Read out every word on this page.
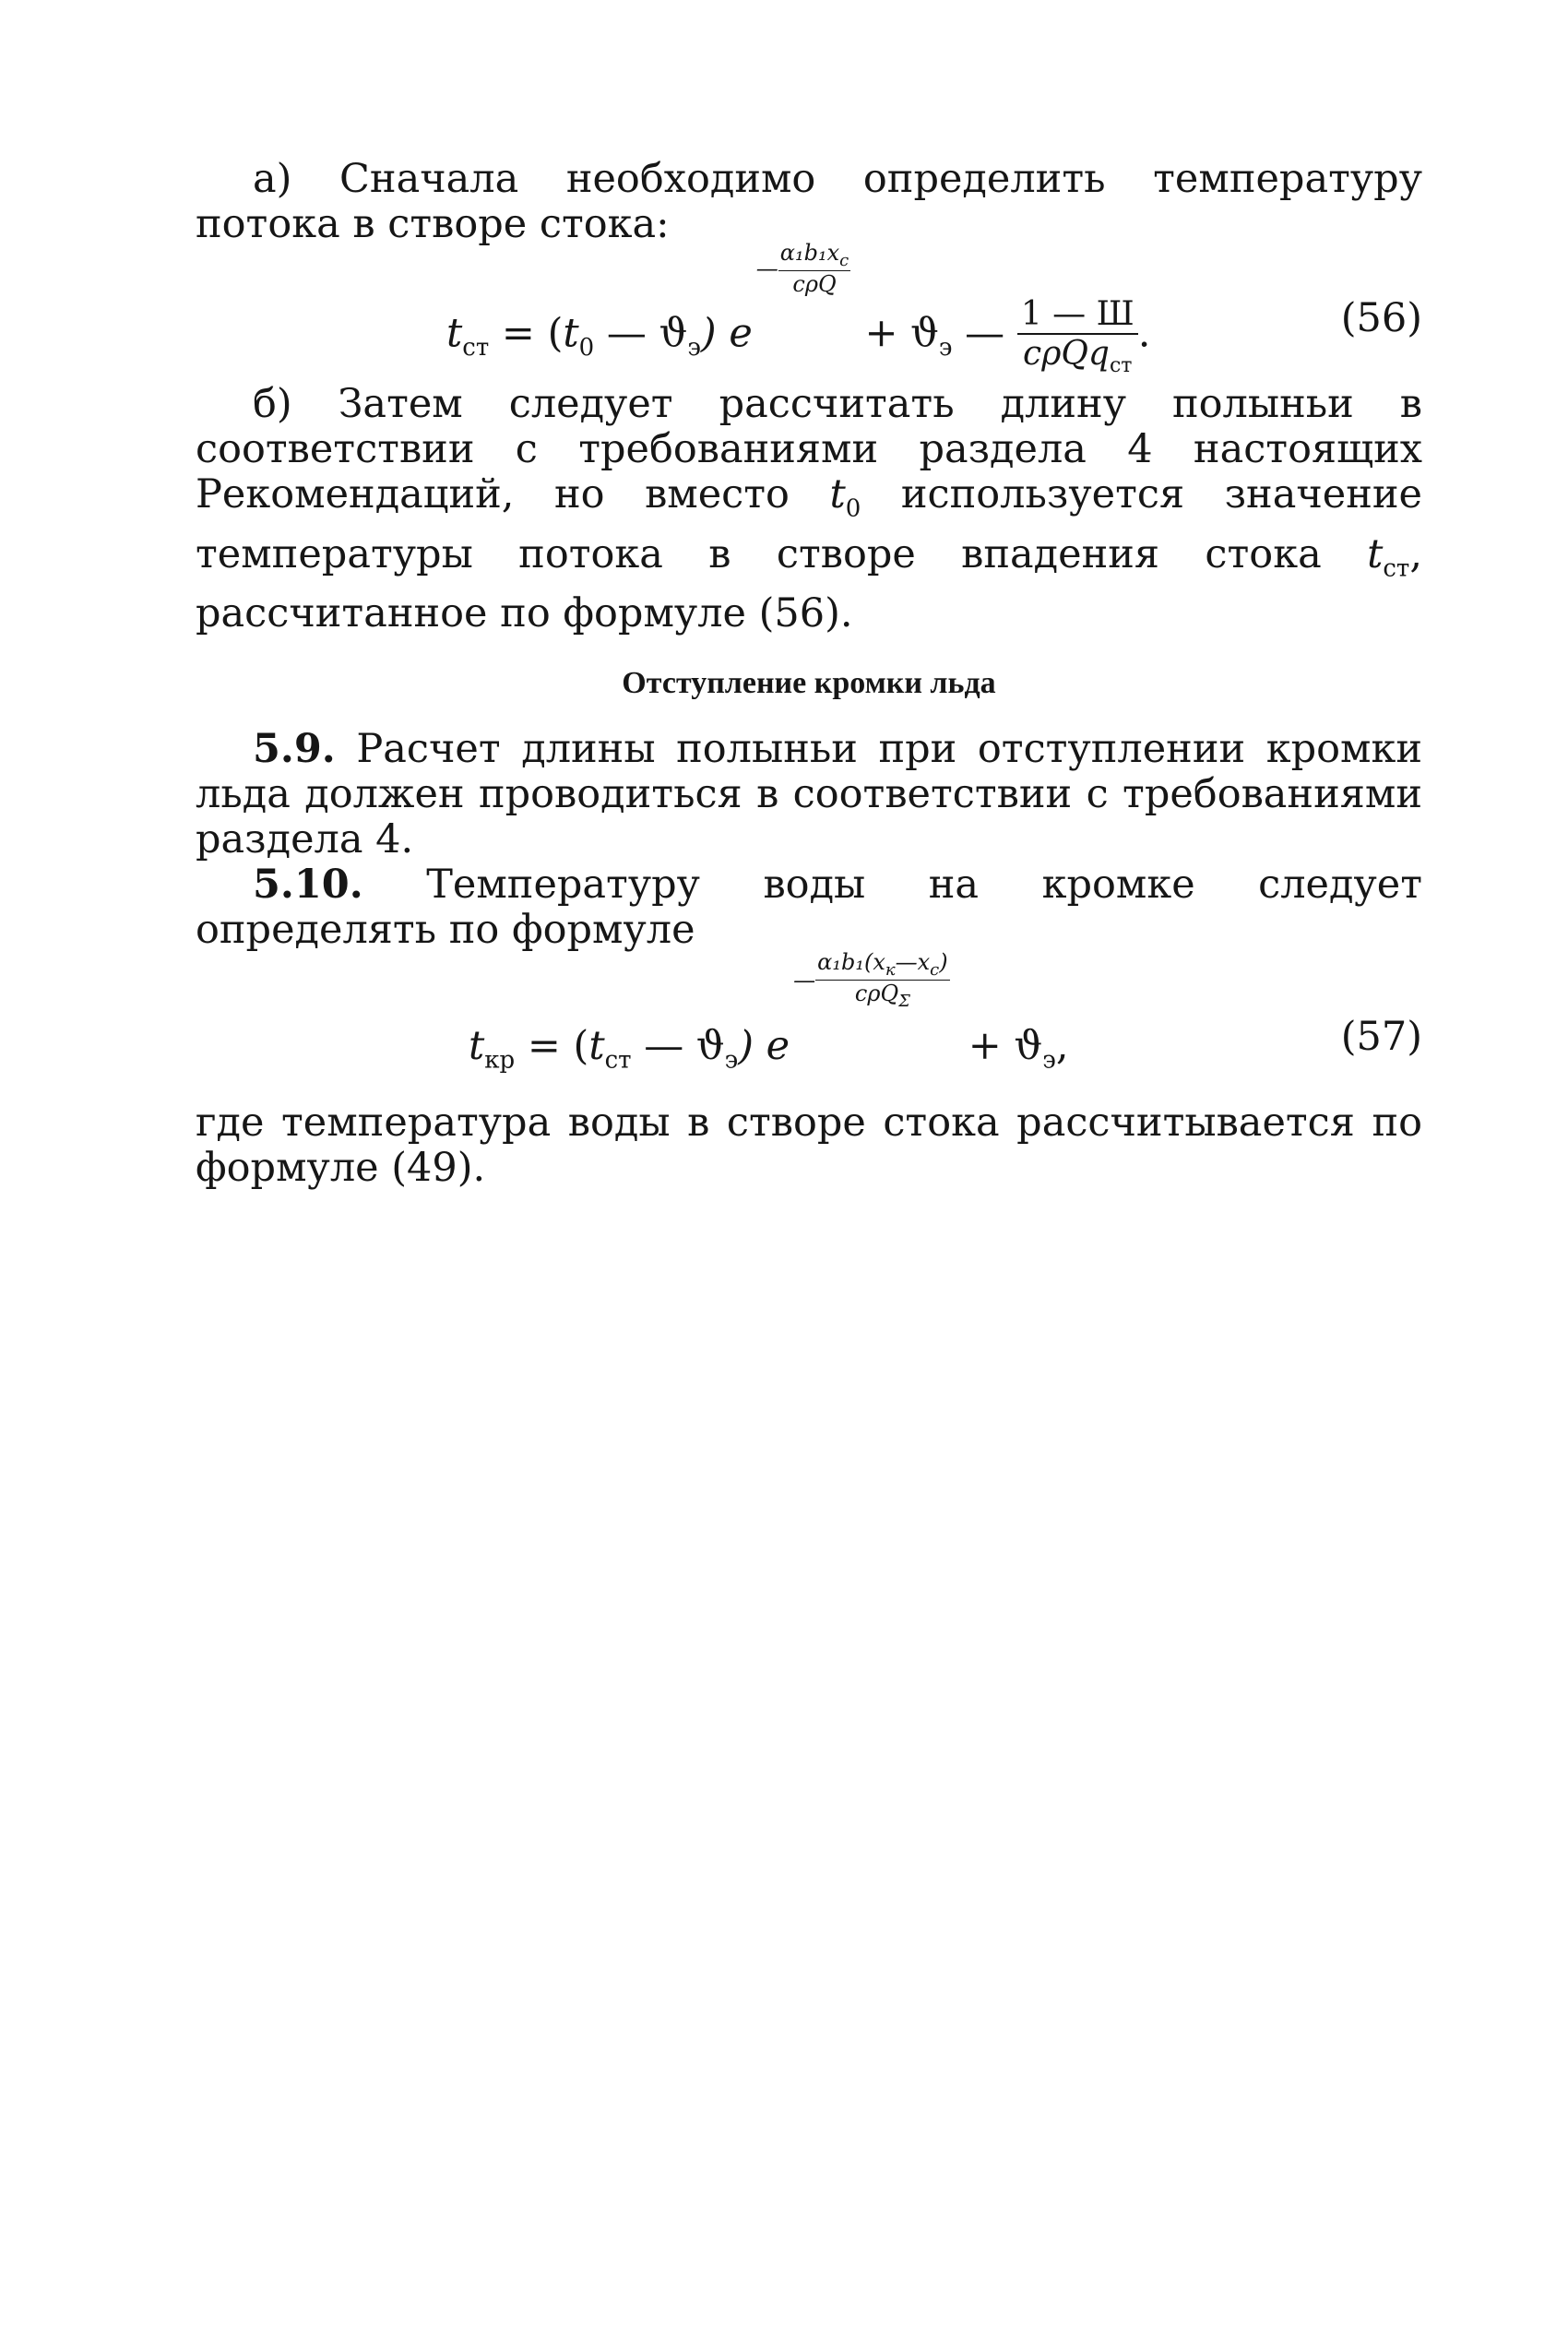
а) Сначала необходимо определить температуру потока в створе стока:

$t_{ст} = (t_0$ — $ϑ_э$) e
— $\frac{\alpha_1b_1x_c}{\text{cρQ}}$
+ $ϑ_э$ — $\frac{1 — Ш}{c\rho Qq_{ст}}$ .	(56)

б) Затем следует рассчитать длину полыньи в соответствии с требованиями раздела 4 настоящих Рекомендаций, но вместо $t_0$ используется значение температуры потока в створе впадения стока $t_{ст}$, рассчитанное по формуле (56).

Отступление кромки льда

5.9. Расчет длины полыньи при отступлении кромки льда должен проводиться в соответствии с требованиями раздела 4.

5.10. Температуру воды на кромке следует определять по формуле

$t_{кр} = (t_{ст}$ — $ϑ_э$) e
— $\frac{\alpha_1b_1(x_к—x_c)}{c\rho Q_\Sigma}$
+ $ϑ_э$,	(57)

где температура воды в створе стока рассчитывается по формуле (49).
